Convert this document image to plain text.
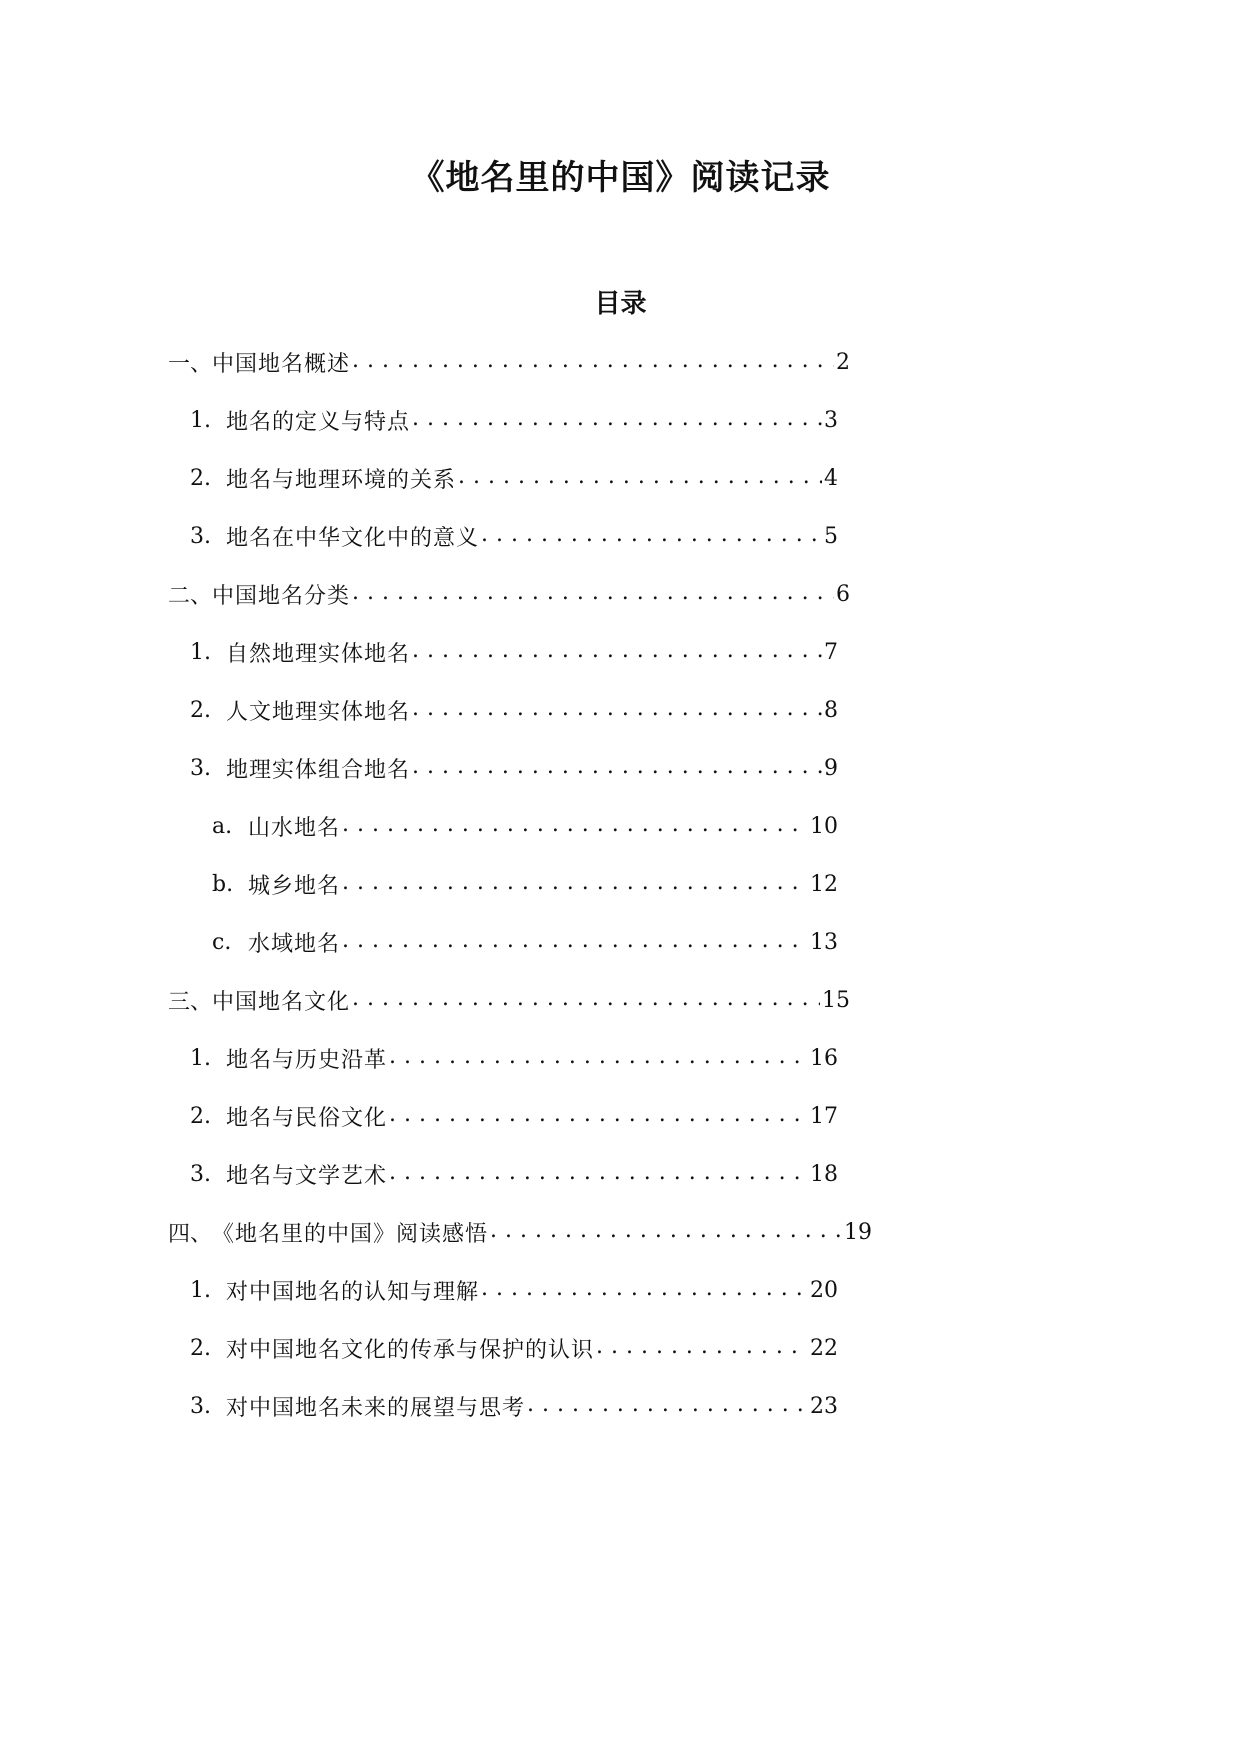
《地名里的中国》阅读记录
目录
一、 中国地名概述 . . .	2
1. 地名的定义与特点 . . .	3
2. 地名与地理环境的关系 . . .	4
3. 地名在中华文化中的意义 . . .	5
二、 中国地名分类 . . .	6
1. 自然地理实体地名 . . .	7
2. 人文地理实体地名 . . .	8
3. 地理实体组合地名 . . .	9
a. 山水地名 . . .	10
b. 城乡地名 . . .	12
c. 水域地名 . . .	13
三、 中国地名文化 . . .	15
1. 地名与历史沿革 . . .	16
2. 地名与民俗文化 . . .	17
3. 地名与文学艺术 . . .	18
四、 《地名里的中国》阅读感悟 . . .	19
1. 对中国地名的认知与理解 . . .	20
2. 对中国地名文化的传承与保护的认识 . . .	22
3. 对中国地名未来的展望与思考 . . .	23
